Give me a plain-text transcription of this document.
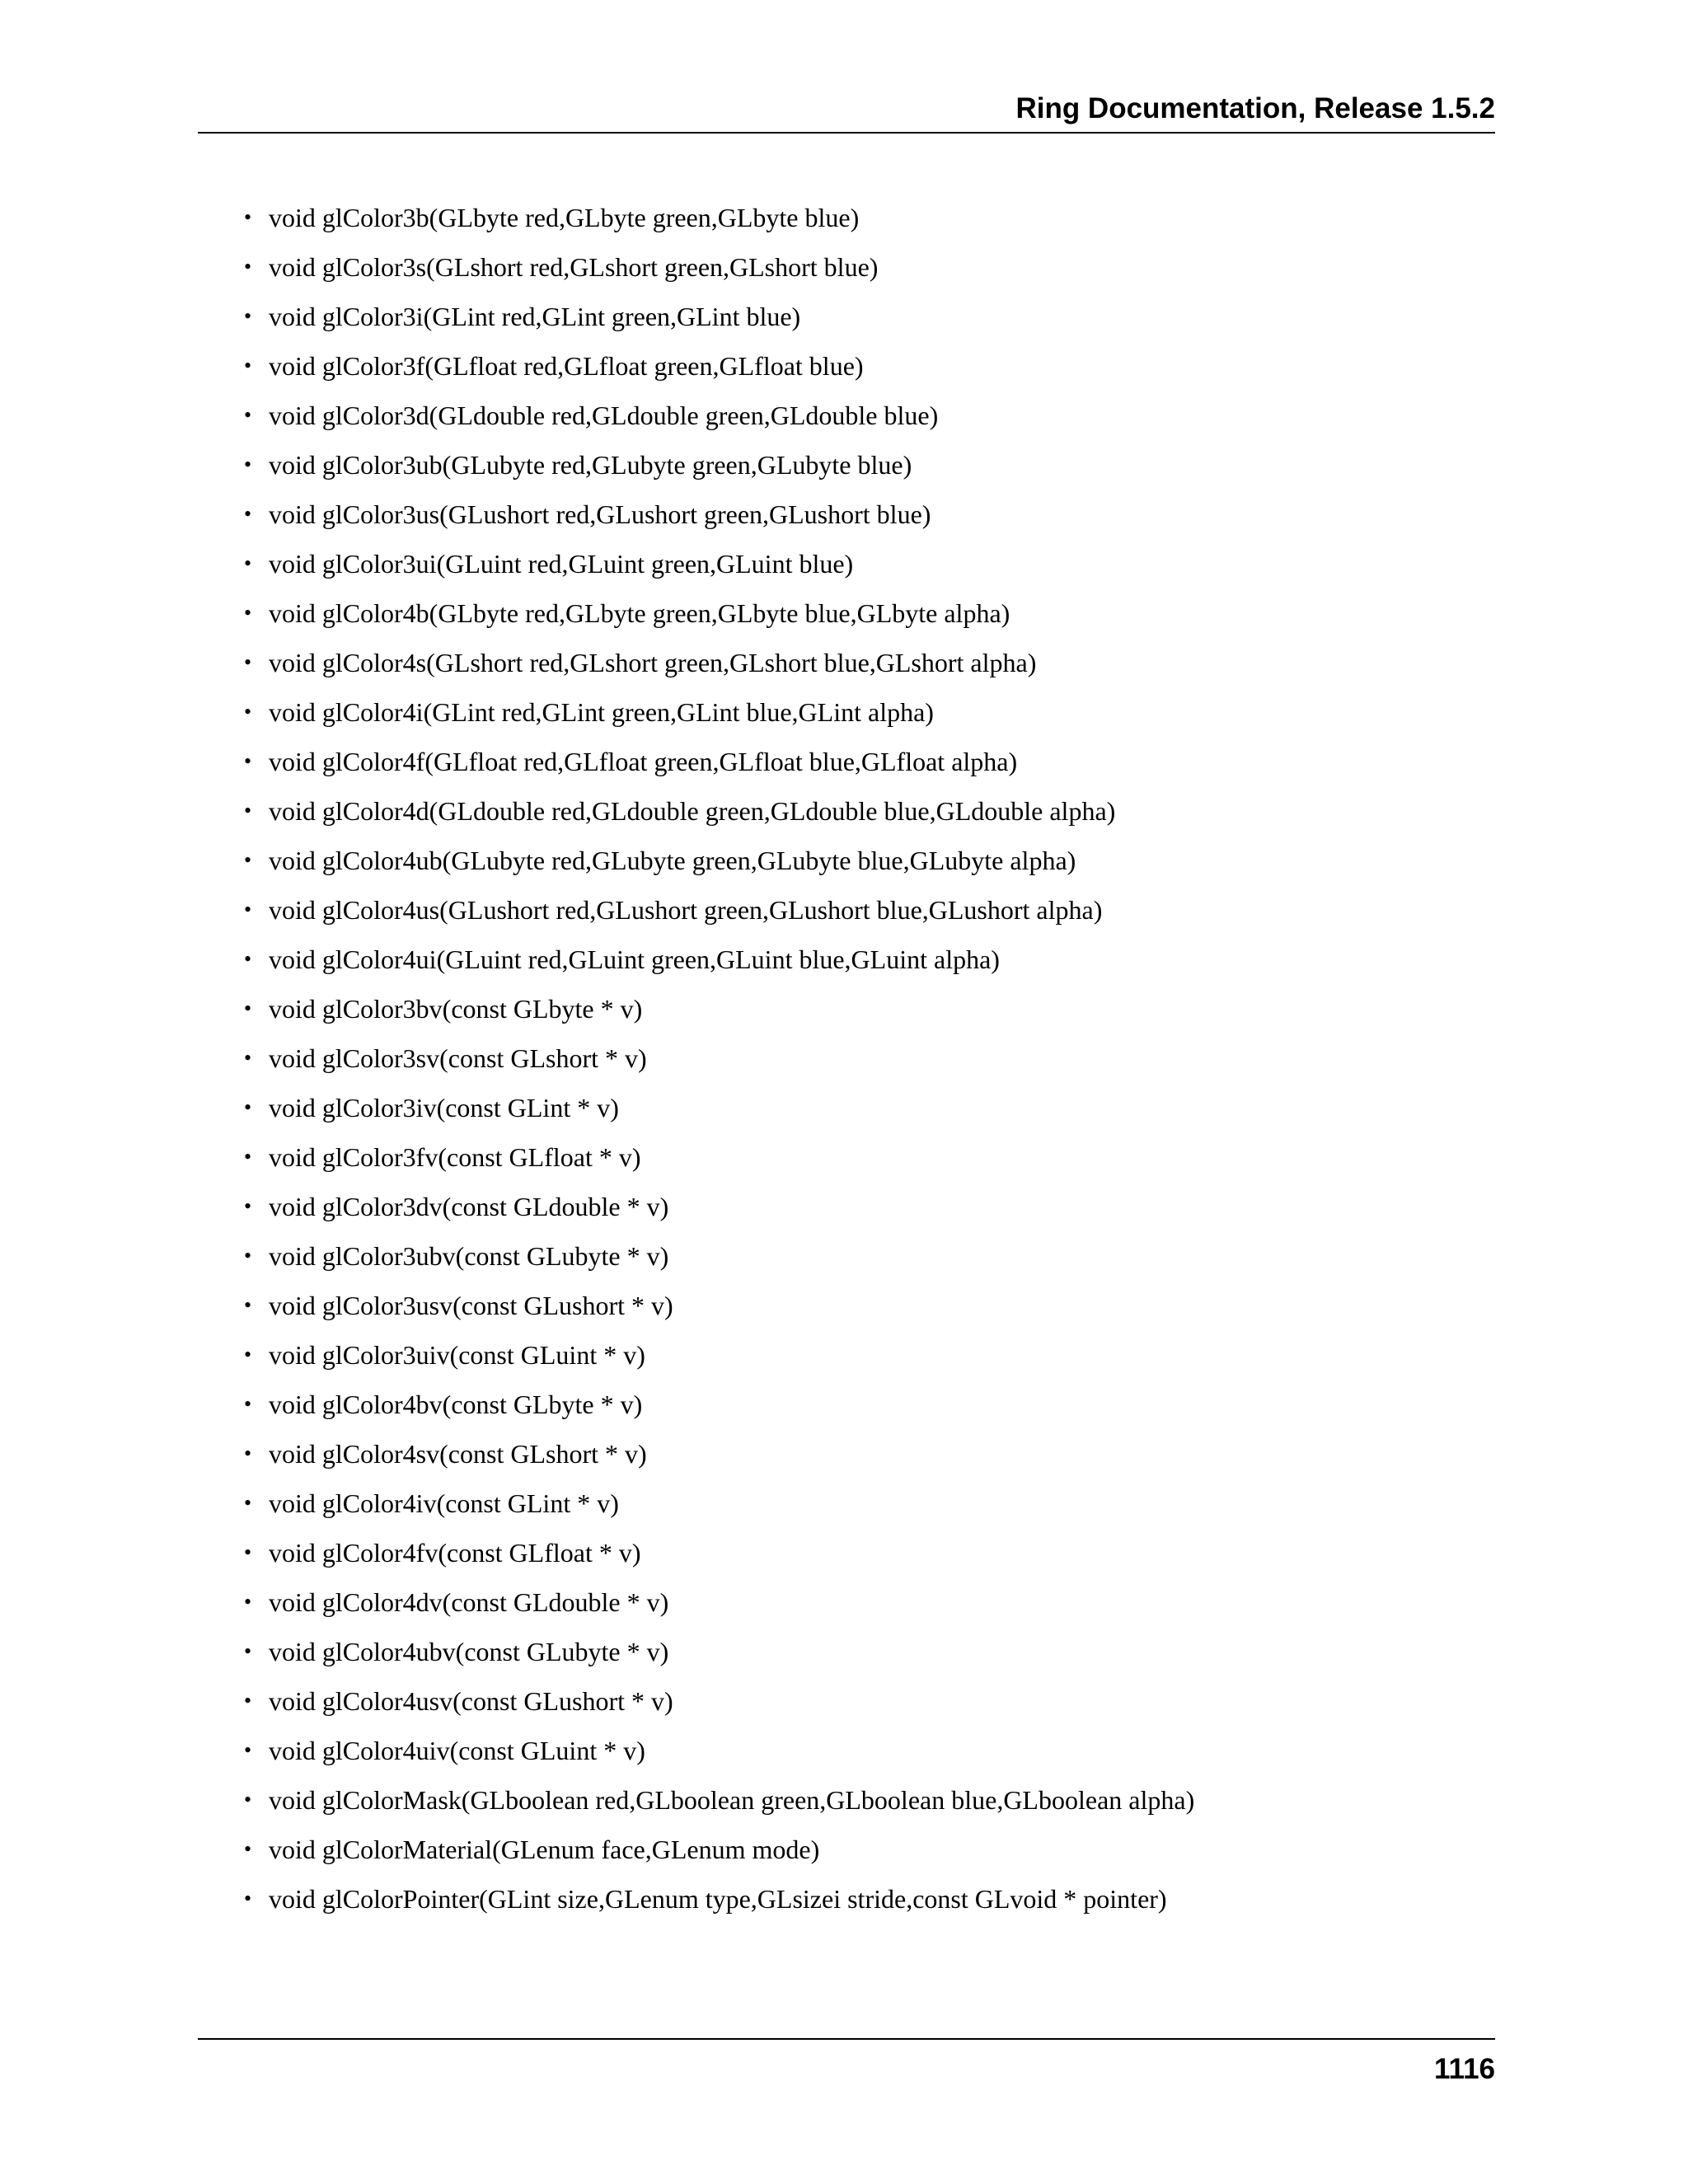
Ring Documentation, Release 1.5.2
• void glColor3b(GLbyte red,GLbyte green,GLbyte blue)
• void glColor3s(GLshort red,GLshort green,GLshort blue)
• void glColor3i(GLint red,GLint green,GLint blue)
• void glColor3f(GLfloat red,GLfloat green,GLfloat blue)
• void glColor3d(GLdouble red,GLdouble green,GLdouble blue)
• void glColor3ub(GLubyte red,GLubyte green,GLubyte blue)
• void glColor3us(GLushort red,GLushort green,GLushort blue)
• void glColor3ui(GLuint red,GLuint green,GLuint blue)
• void glColor4b(GLbyte red,GLbyte green,GLbyte blue,GLbyte alpha)
• void glColor4s(GLshort red,GLshort green,GLshort blue,GLshort alpha)
• void glColor4i(GLint red,GLint green,GLint blue,GLint alpha)
• void glColor4f(GLfloat red,GLfloat green,GLfloat blue,GLfloat alpha)
• void glColor4d(GLdouble red,GLdouble green,GLdouble blue,GLdouble alpha)
• void glColor4ub(GLubyte red,GLubyte green,GLubyte blue,GLubyte alpha)
• void glColor4us(GLushort red,GLushort green,GLushort blue,GLushort alpha)
• void glColor4ui(GLuint red,GLuint green,GLuint blue,GLuint alpha)
• void glColor3bv(const GLbyte * v)
• void glColor3sv(const GLshort * v)
• void glColor3iv(const GLint * v)
• void glColor3fv(const GLfloat * v)
• void glColor3dv(const GLdouble * v)
• void glColor3ubv(const GLubyte * v)
• void glColor3usv(const GLushort * v)
• void glColor3uiv(const GLuint * v)
• void glColor4bv(const GLbyte * v)
• void glColor4sv(const GLshort * v)
• void glColor4iv(const GLint * v)
• void glColor4fv(const GLfloat * v)
• void glColor4dv(const GLdouble * v)
• void glColor4ubv(const GLubyte * v)
• void glColor4usv(const GLushort * v)
• void glColor4uiv(const GLuint * v)
• void glColorMask(GLboolean red,GLboolean green,GLboolean blue,GLboolean alpha)
• void glColorMaterial(GLenum face,GLenum mode)
• void glColorPointer(GLint size,GLenum type,GLsizei stride,const GLvoid * pointer)
1116
